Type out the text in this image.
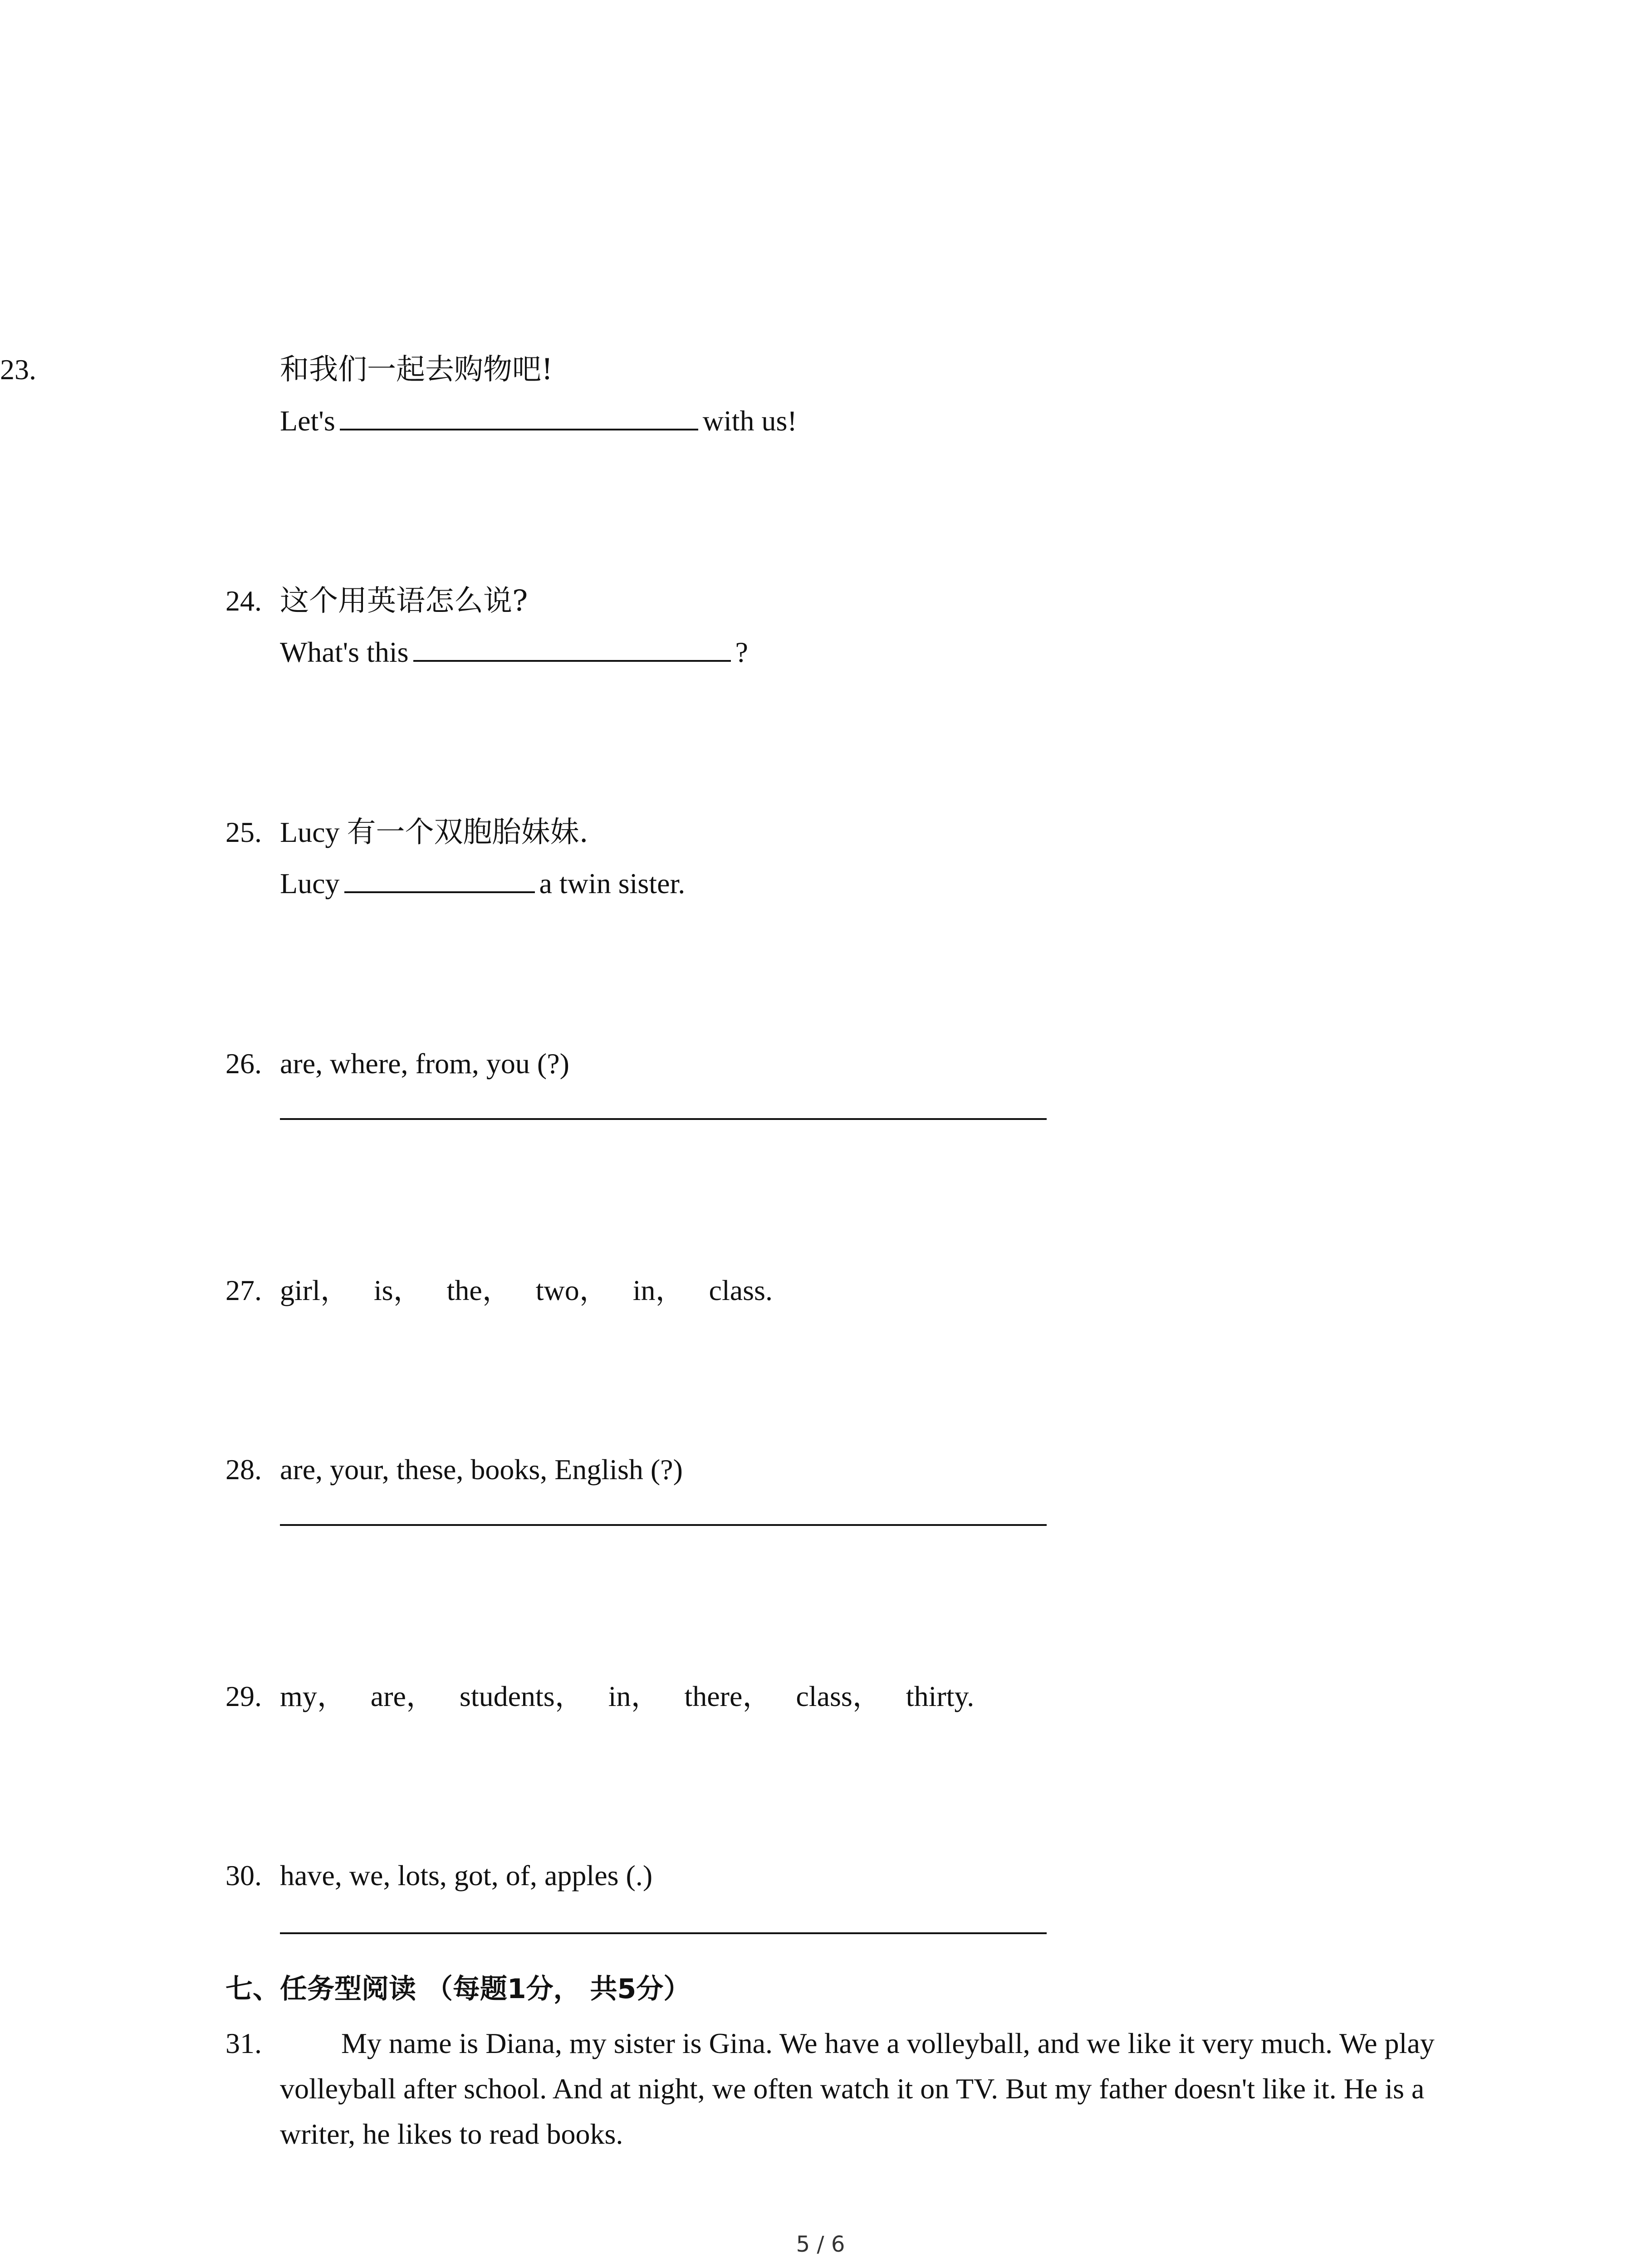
23.	和我们一起去购物吧!
Let's	with us!
24. 这个用英语怎么说?
What's this	?
25. Lucy 有一个双胞胎妹妹.
Lucy	a twin sister.
26. are, where, from, you (?)
27. girl， is， the， two， in， class.
28. are, your, these, books, English (?)
29. my， are， students， in， there， class， thirty.
30. have, we, lots, got, of, apples (.)
七、任务型阅读 （每题1分， 共5分）
31.	My name is Diana, my sister is Gina. We have a volleyball, and we like it very much. We play volleyball after school. And at night, we often watch it on TV. But my father doesn't like it. He is a writer, he likes to read books.
5 / 6
